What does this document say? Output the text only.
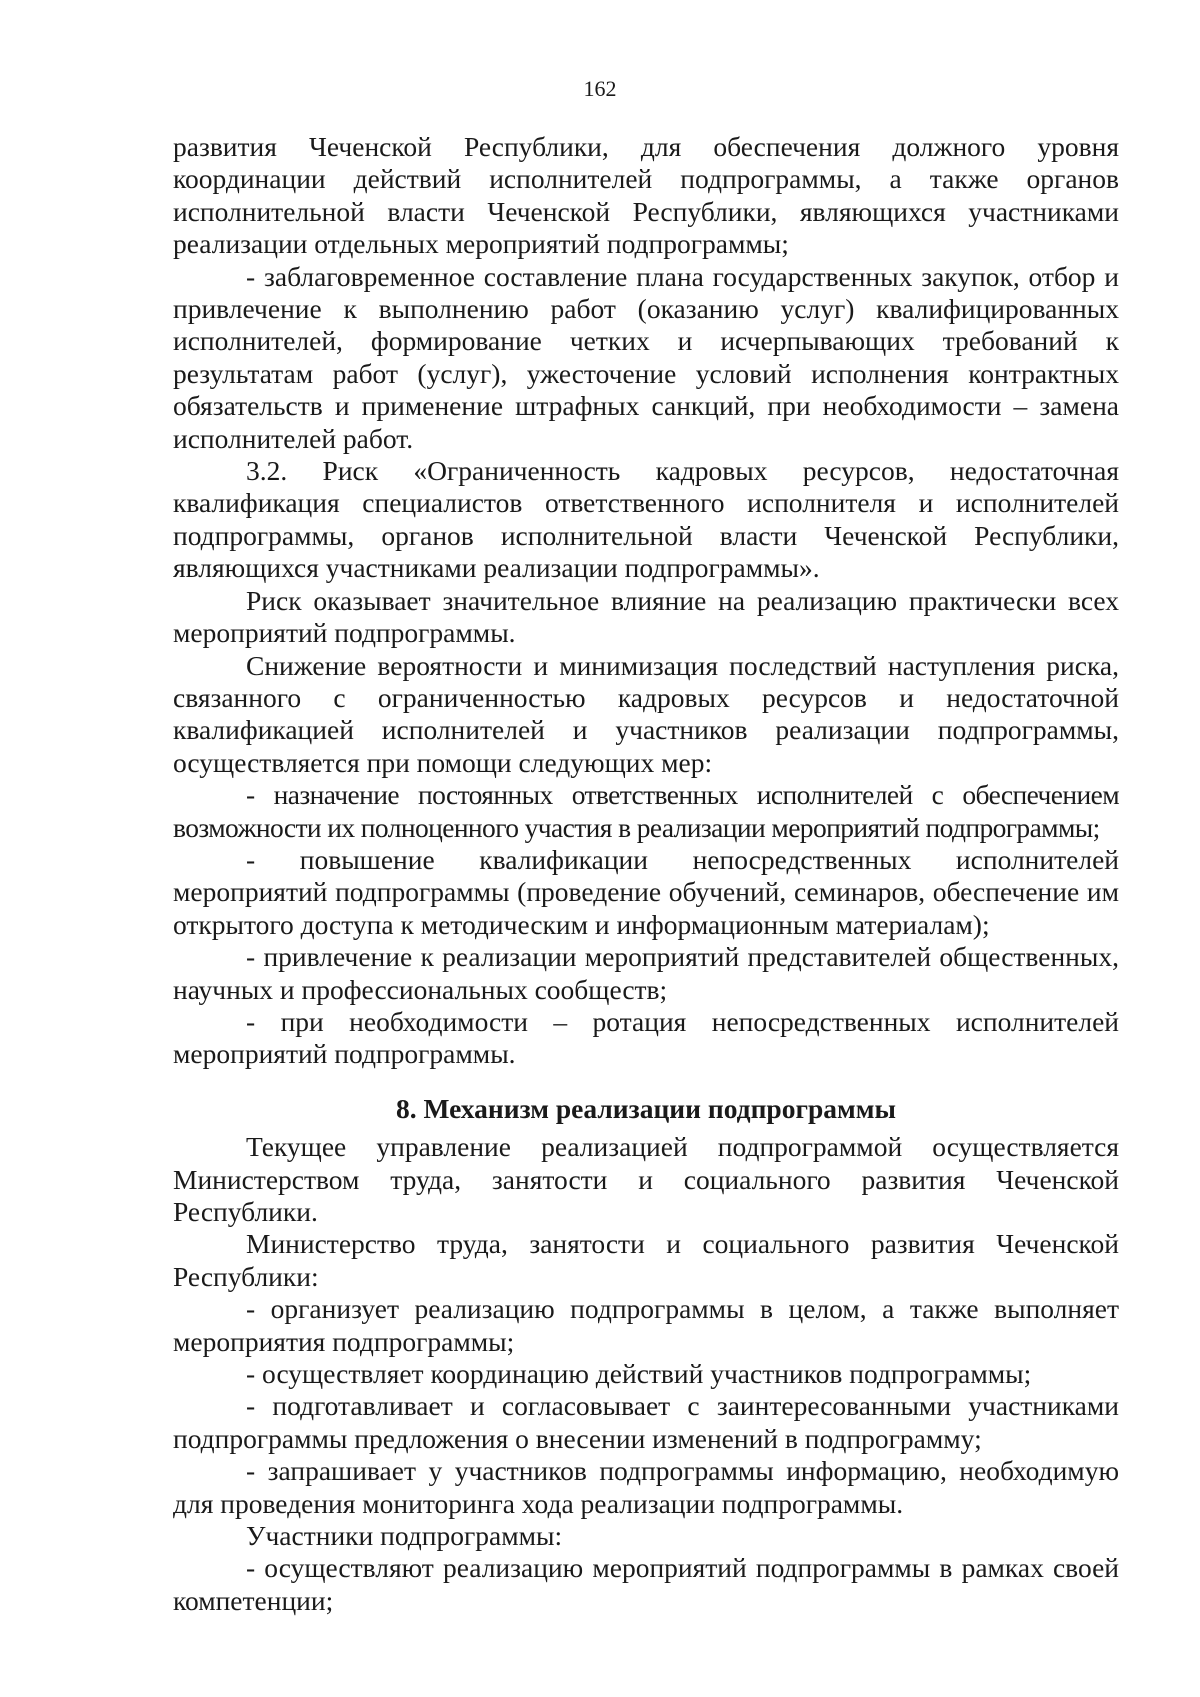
162

развития Чеченской Республики, для обеспечения должного уровня координации действий исполнителей подпрограммы, а также органов исполнительной власти Чеченской Республики, являющихся участниками реализации отдельных мероприятий подпрограммы;

- заблаговременное составление плана государственных закупок, отбор и привлечение к выполнению работ (оказанию услуг) квалифицированных исполнителей, формирование четких и исчерпывающих требований к результатам работ (услуг), ужесточение условий исполнения контрактных обязательств и применение штрафных санкций, при необходимости – замена исполнителей работ.

3.2. Риск «Ограниченность кадровых ресурсов, недостаточная квалификация специалистов ответственного исполнителя и исполнителей подпрограммы, органов исполнительной власти Чеченской Республики, являющихся участниками реализации подпрограммы».

Риск оказывает значительное влияние на реализацию практически всех мероприятий подпрограммы.

Снижение вероятности и минимизация последствий наступления риска, связанного с ограниченностью кадровых ресурсов и недостаточной квалификацией исполнителей и участников реализации подпрограммы, осуществляется при помощи следующих мер:

- назначение постоянных ответственных исполнителей с обеспечением возможности их полноценного участия в реализации мероприятий подпрограммы;

- повышение квалификации непосредственных исполнителей мероприятий подпрограммы (проведение обучений, семинаров, обеспечение им открытого доступа к методическим и информационным материалам);

- привлечение к реализации мероприятий представителей общественных, научных и профессиональных сообществ;

- при необходимости – ротация непосредственных исполнителей мероприятий подпрограммы.

8. Механизм реализации подпрограммы

Текущее управление реализацией подпрограммой осуществляется Министерством труда, занятости и социального развития Чеченской Республики.

Министерство труда, занятости и социального развития Чеченской Республики:

- организует реализацию подпрограммы в целом, а также выполняет мероприятия подпрограммы;

- осуществляет координацию действий участников подпрограммы;

- подготавливает и согласовывает с заинтересованными участниками подпрограммы предложения о внесении изменений в подпрограмму;

- запрашивает у участников подпрограммы информацию, необходимую для проведения мониторинга хода реализации подпрограммы.

Участники подпрограммы:

- осуществляют реализацию мероприятий подпрограммы в рамках своей компетенции;
